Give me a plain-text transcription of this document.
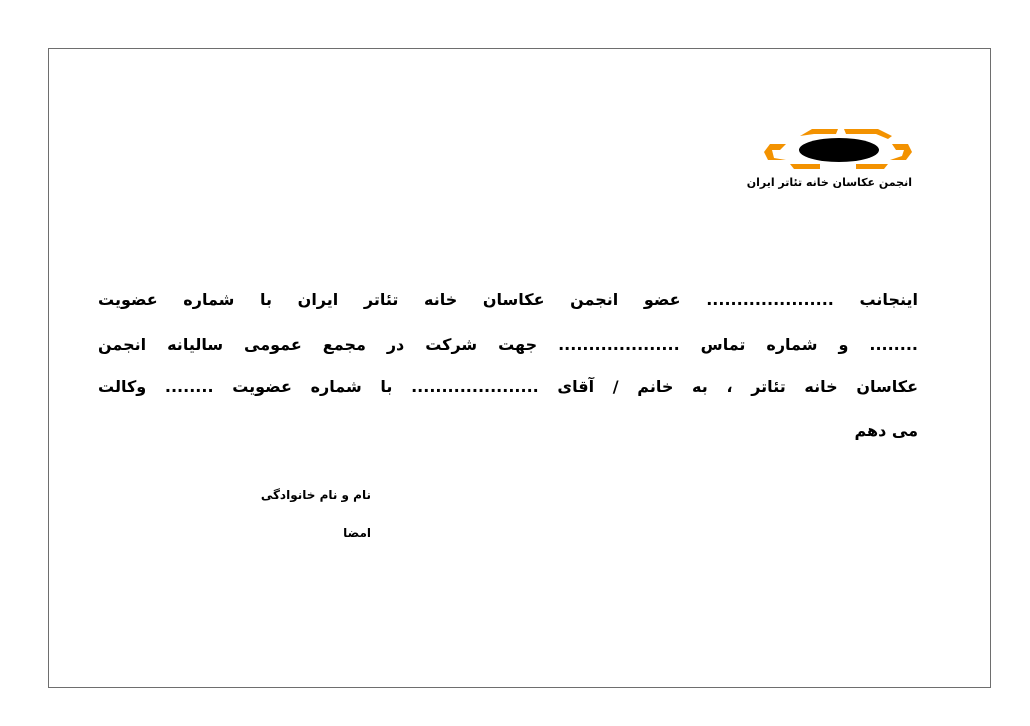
انجمن عکاسان خانه تئاتر ایران
اینجانب ..................... عضو انجمن عکاسان خانه تئاتر ایران با شماره عضویت
........ و شماره تماس .................... جهت شرکت در مجمع عمومی سالیانه انجمن
عکاسان خانه تئاتر ، به خانم / آقای ..................... با شماره عضویت ........ وکالت
می دهم
نام و نام خانوادگی
امضا
